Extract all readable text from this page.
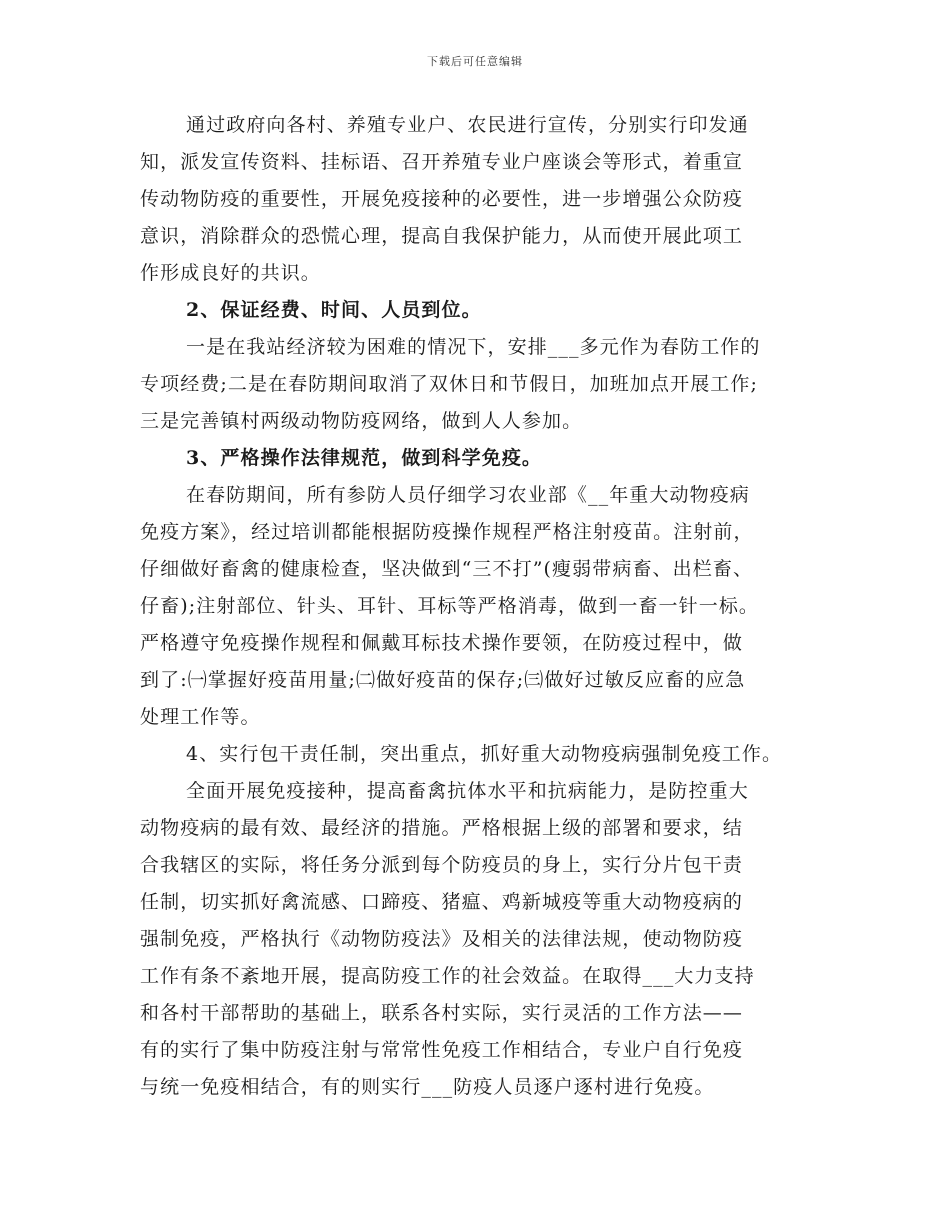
下载后可任意编辑
通过政府向各村、养殖专业户、农民进行宣传，分别实行印发通
知，派发宣传资料、挂标语、召开养殖专业户座谈会等形式，着重宣
传动物防疫的重要性，开展免疫接种的必要性，进一步增强公众防疫
意识，消除群众的恐慌心理，提高自我保护能力，从而使开展此项工
作形成良好的共识。
2、保证经费、时间、人员到位。
一是在我站经济较为困难的情况下，安排___多元作为春防工作的
专项经费;二是在春防期间取消了双休日和节假日，加班加点开展工作;
三是完善镇村两级动物防疫网络，做到人人参加。
3、严格操作法律规范，做到科学免疫。
在春防期间，所有参防人员仔细学习农业部《__年重大动物疫病
免疫方案》，经过培训都能根据防疫操作规程严格注射疫苗。注射前，
仔细做好畜禽的健康检查，坚决做到“三不打”(瘦弱带病畜、出栏畜、
仔畜);注射部位、针头、耳针、耳标等严格消毒，做到一畜一针一标。
严格遵守免疫操作规程和佩戴耳标技术操作要领，在防疫过程中，做
到了:㈠掌握好疫苗用量;㈡做好疫苗的保存;㈢做好过敏反应畜的应急
处理工作等。
4、实行包干责任制，突出重点，抓好重大动物疫病强制免疫工作。
全面开展免疫接种，提高畜禽抗体水平和抗病能力，是防控重大
动物疫病的最有效、最经济的措施。严格根据上级的部署和要求，结
合我辖区的实际，将任务分派到每个防疫员的身上，实行分片包干责
任制，切实抓好禽流感、口蹄疫、猪瘟、鸡新城疫等重大动物疫病的
强制免疫，严格执行《动物防疫法》及相关的法律法规，使动物防疫
工作有条不紊地开展，提高防疫工作的社会效益。在取得___大力支持
和各村干部帮助的基础上，联系各村实际，实行灵活的工作方法——
有的实行了集中防疫注射与常常性免疫工作相结合，专业户自行免疫
与统一免疫相结合，有的则实行___防疫人员逐户逐村进行免疫。
